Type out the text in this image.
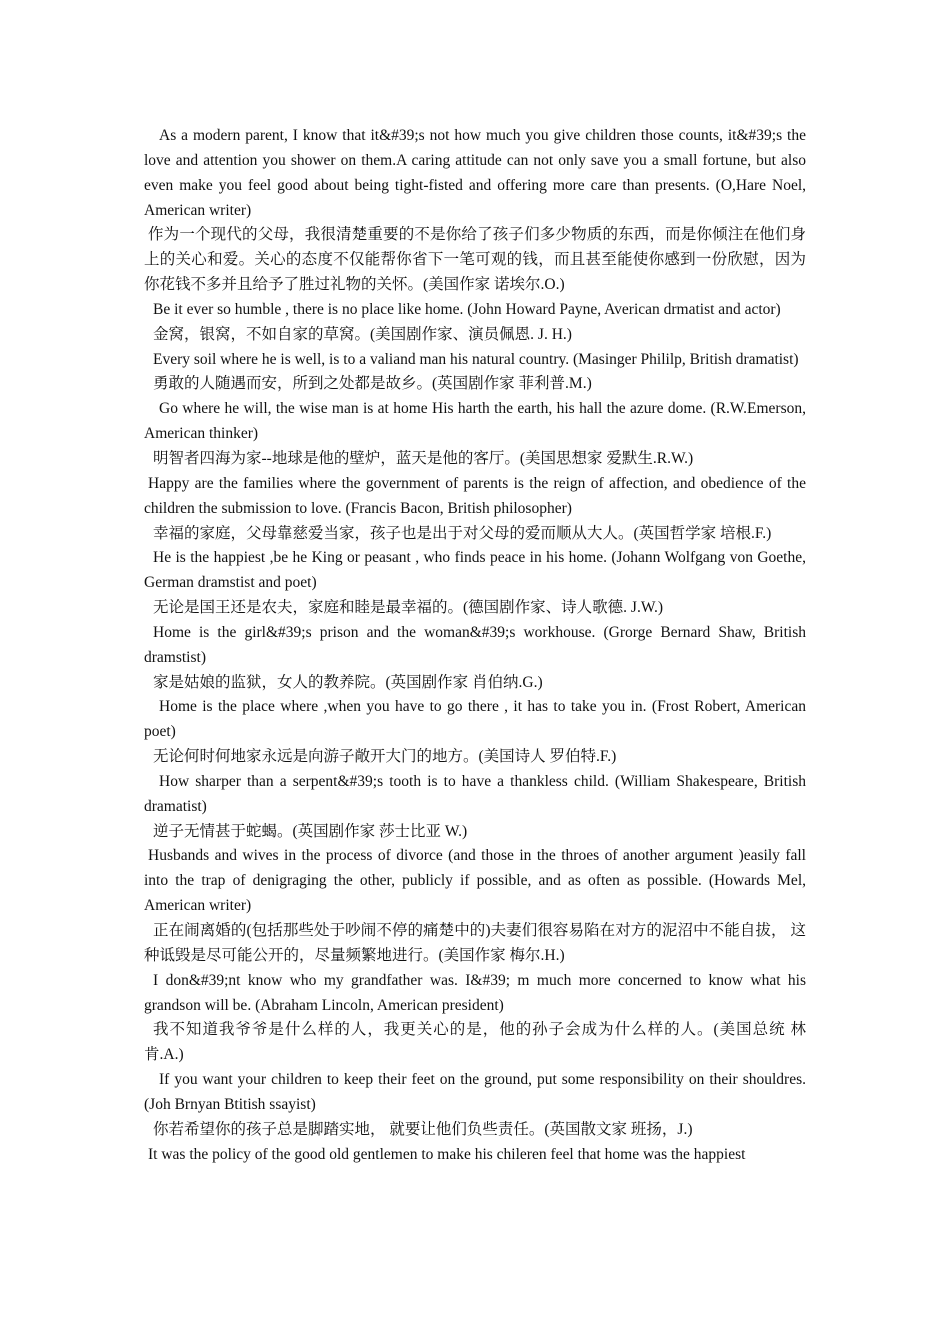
As a modern parent, I know that it&#39;s not how much you give children those counts, it&#39;s the love and attention you shower on them.A caring attitude can not only save you a small fortune, but also even make you feel good about being tight-fisted and offering more care than presents. (O,Hare Noel, American writer)

作为一个现代的父母，我很清楚重要的不是你给了孩子们多少物质的东西，而是你倾注在他们身上的关心和爱。关心的态度不仅能帮你省下一笔可观的钱，而且甚至能使你感到一份欣慰，因为你花钱不多并且给予了胜过礼物的关怀。(美国作家 诺埃尔.O.)

Be it ever so humble , there is no place like home. (John Howard Payne, Averican drmatist and actor)

金窝，银窝，不如自家的草窝。(美国剧作家、演员佩恩. J. H.)

Every soil where he is well, is to a valiand man his natural country. (Masinger Phililp, British dramatist)

勇敢的人随遇而安，所到之处都是故乡。(英国剧作家 菲利普.M.)

Go where he will, the wise man is at home His harth the earth, his hall the azure dome. (R.W.Emerson, American thinker)

明智者四海为家--地球是他的壁炉，蓝天是他的客厅。(美国思想家 爱默生.R.W.)

Happy are the families where the government of parents is the reign of affection, and obedience of the children the submission to love. (Francis Bacon, British philosopher)

幸福的家庭，父母靠慈爱当家，孩子也是出于对父母的爱而顺从大人。(英国哲学家 培根.F.)

He is the happiest ,be he King or peasant , who finds peace in his home. (Johann Wolfgang von Goethe, German dramstist and poet)

无论是国王还是农夫，家庭和睦是最幸福的。(德国剧作家、诗人歌德. J.W.)

Home is the girl&#39;s prison and the woman&#39;s workhouse. (Grorge Bernard Shaw, British dramstist)

家是姑娘的监狱，女人的教养院。(英国剧作家 肖伯纳.G.)

Home is the place where ,when you have to go there , it has to take you in. (Frost Robert, American poet)

无论何时何地家永远是向游子敞开大门的地方。(美国诗人 罗伯特.F.)

How sharper than a serpent&#39;s tooth is to have a thankless child. (William Shakespeare, British dramatist)

逆子无情甚于蛇蝎。(英国剧作家 莎士比亚 W.)

Husbands and wives in the process of divorce (and those in the throes of another argument )easily fall into the trap of denigraging the other, publicly if possible, and as often as possible. (Howards Mel, American writer)

正在闹离婚的(包括那些处于吵闹不停的痛楚中的)夫妻们很容易陷在对方的泥沼中不能自拔， 这种诋毁是尽可能公开的，尽量频繁地进行。(美国作家 梅尔.H.)

I don&#39;nt know who my grandfather was. I&#39; m much more concerned to know what his grandson will be. (Abraham Lincoln, American president)

我不知道我爷爷是什么样的人，我更关心的是，他的孙子会成为什么样的人。(美国总统 林肯.A.)

If you want your children to keep their feet on the ground, put some responsibility on their shouldres. (Joh Brnyan Btitish ssayist)

你若希望你的孩子总是脚踏实地， 就要让他们负些责任。(英国散文家 班扬，J.)

It was the policy of the good old gentlemen to make his chileren feel that home was the happiest
